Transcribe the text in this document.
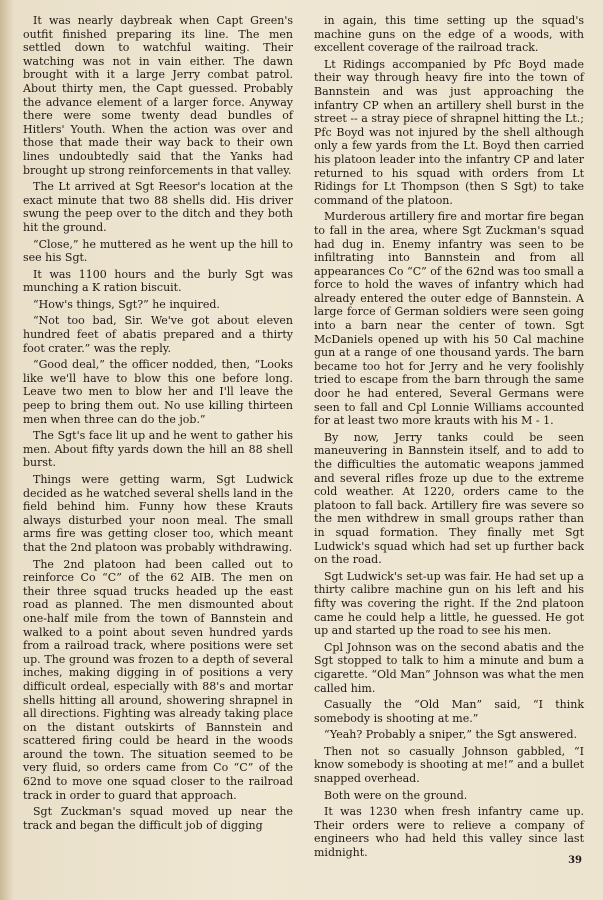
It was nearly daybreak when Capt Green's outfit finished preparing its line. The men settled down to watchful waiting. Their watching was not in vain either. The dawn brought with it a large Jerry combat patrol. About thirty men, the Capt guessed. Probably the advance element of a larger force. Anyway there were some twenty dead bundles of Hitlers' Youth. When the action was over and those that made their way back to their own lines undoubtedly said that the Yanks had brought up strong reinforcements in that valley.

The Lt arrived at Sgt Reesor's location at the exact minute that two 88 shells did. His driver swung the peep over to the ditch and they both hit the ground.

“Close,” he muttered as he went up the hill to see his Sgt.

It was 1100 hours and the burly Sgt was munching a K ration biscuit.

“How's things, Sgt?” he inquired.

“Not too bad, Sir. We've got about eleven hundred feet of abatis prepared and a thirty foot crater.” was the reply.

“Good deal,” the officer nodded, then, “Looks like we'll have to blow this one before long. Leave two men to blow her and I'll leave the peep to bring them out. No use killing thirteen men when three can do the job.”

The Sgt's face lit up and he went to gather his men. About fifty yards down the hill an 88 shell burst.

Things were getting warm, Sgt Ludwick decided as he watched several shells land in the field behind him. Funny how these Krauts always disturbed your noon meal. The small arms fire was getting closer too, which meant that the 2nd platoon was probably withdrawing.

The 2nd platoon had been called out to reinforce Co “C” of the 62 AIB. The men on their three squad trucks headed up the east road as planned. The men dismounted about one-half mile from the town of Bannstein and walked to a point about seven hundred yards from a railroad track, where positions were set up. The ground was frozen to a depth of several inches, making digging in of positions a very difficult ordeal, especially with 88's and mortar shells hitting all around, showering shrapnel in all directions. Fighting was already taking place on the distant outskirts of Bannstein and scattered firing could be heard in the woods around the town. The situation seemed to be very fluid, so orders came from Co “C” of the 62nd to move one squad closer to the railroad track in order to guard that approach.

Sgt Zuckman's squad moved up near the track and began the difficult job of digging

in again, this time setting up the squad's machine guns on the edge of a woods, with excellent coverage of the railroad track.

Lt Ridings accompanied by Pfc Boyd made their way through heavy fire into the town of Bannstein and was just approaching the infantry CP when an artillery shell burst in the street -- a stray piece of shrapnel hitting the Lt.; Pfc Boyd was not injured by the shell although only a few yards from the Lt. Boyd then carried his platoon leader into the infantry CP and later returned to his squad with orders from Lt Ridings for Lt Thompson (then S Sgt) to take command of the platoon.

Murderous artillery fire and mortar fire began to fall in the area, where Sgt Zuckman's squad had dug in. Enemy infantry was seen to be infiltrating into Bannstein and from all appearances Co “C” of the 62nd was too small a force to hold the waves of infantry which had already entered the outer edge of Bannstein. A large force of German soldiers were seen going into a barn near the center of town. Sgt McDaniels opened up with his 50 Cal machine gun at a range of one thousand yards. The barn became too hot for Jerry and he very foolishly tried to escape from the barn through the same door he had entered, Several Germans were seen to fall and Cpl Lonnie Williams accounted for at least two more krauts with his M - 1.

By now, Jerry tanks could be seen maneuvering in Bannstein itself, and to add to the difficulties the automatic weapons jammed and several rifles froze up due to the extreme cold weather. At 1220, orders came to the platoon to fall back. Artillery fire was severe so the men withdrew in small groups rather than in squad formation. They finally met Sgt Ludwick's squad which had set up further back on the road.

Sgt Ludwick's set-up was fair. He had set up a thirty calibre machine gun on his left and his fifty was covering the right. If the 2nd platoon came he could help a little, he guessed. He got up and started up the road to see his men.

Cpl Johnson was on the second abatis and the Sgt stopped to talk to him a minute and bum a cigarette. “Old Man” Johnson was what the men called him.

Casually the “Old Man” said, “I think somebody is shooting at me.”

“Yeah? Probably a sniper,” the Sgt answered.

Then not so casually Johnson gabbled, “I know somebody is shooting at me!” and a bullet snapped overhead.

Both were on the ground.

It was 1230 when fresh infantry came up. Their orders were to relieve a company of engineers who had held this valley since last midnight.

39
